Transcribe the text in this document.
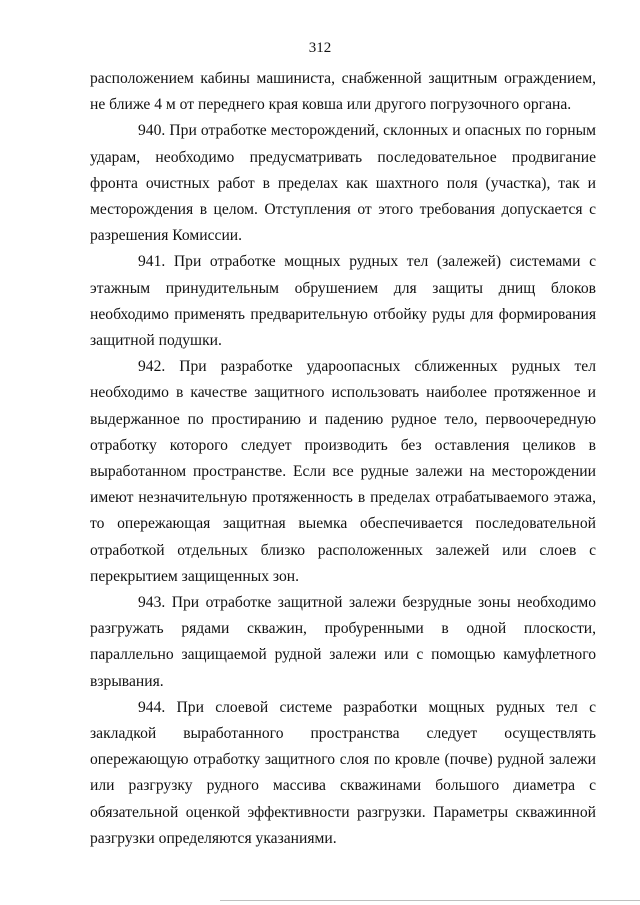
312

расположением кабины машиниста, снабженной защитным ограждением, не ближе 4 м от переднего края ковша или другого погрузочного органа.

940. При отработке месторождений, склонных и опасных по горным ударам, необходимо предусматривать последовательное продвигание фронта очистных работ в пределах как шахтного поля (участка), так и месторождения в целом. Отступления от этого требования допускается с разрешения Комиссии.

941. При отработке мощных рудных тел (залежей) системами с этажным принудительным обрушением для защиты днищ блоков необходимо применять предварительную отбойку руды для формирования защитной подушки.

942. При разработке удароопасных сближенных рудных тел необходимо в качестве защитного использовать наиболее протяженное и выдержанное по простиранию и падению рудное тело, первоочередную отработку которого следует производить без оставления целиков в выработанном пространстве. Если все рудные залежи на месторождении имеют незначительную протяженность в пределах отрабатываемого этажа, то опережающая защитная выемка обеспечивается последовательной отработкой отдельных близко расположенных залежей или слоев с перекрытием защищенных зон.

943. При отработке защитной залежи безрудные зоны необходимо разгружать рядами скважин, пробуренными в одной плоскости, параллельно защищаемой рудной залежи или с помощью камуфлетного взрывания.

944. При слоевой системе разработки мощных рудных тел с закладкой выработанного пространства следует осуществлять опережающую отработку защитного слоя по кровле (почве) рудной залежи или разгрузку рудного массива скважинами большого диаметра с обязательной оценкой эффективности разгрузки. Параметры скважинной разгрузки определяются указаниями.
